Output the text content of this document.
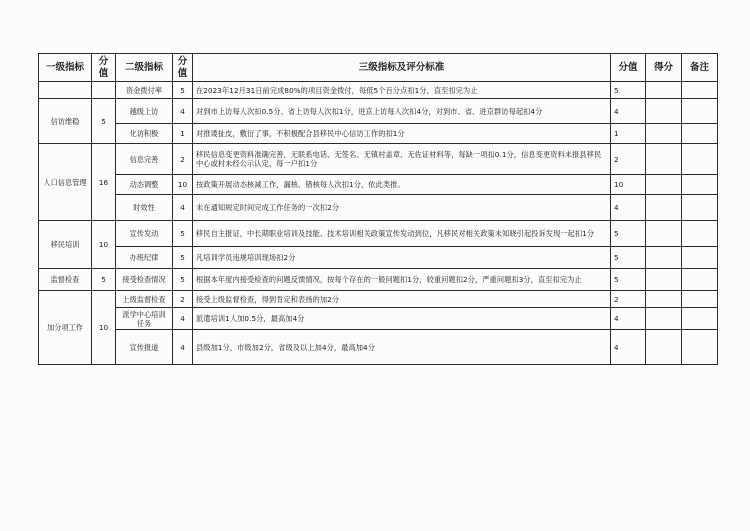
一级指标	分值	二级指标	分值	三级指标及评分标准	分值	得分	备注
		资金拨付率	5	在2023年12月31日前完成80%的项目资金拨付，每低5个百分点扣1分，直至扣完为止	5		
信访维稳	5	越级上访	4	对到市上访每人次扣0.5分、省上访每人次扣1分，进京上访每人次扣4分，对到市、省、进京群访每起扣4分	4		
		化访积极	1	对推诿扯皮，敷衍了事，不积极配合县移民中心信访工作的扣1分	1		
人口信息管理	16	信息完善	2	移民信息变更资料准确完善，无联系电话、无签名、无镇村盖章、无佐证材料等，每缺一项扣0.1分，信息变更资料未报县移民中心或村未经公示认定，每一户扣1分	2		
		动态调整	10	按政策开展动态核减工作，漏核、错核每人次扣1分，依此类推。	10		
		时效性	4	未在通知规定时间完成工作任务的一次扣2分	4		
移民培训	10	宣传发动	5	移民自主报证，中长期职业培训及技能、技术培训相关政策宣传发动到位，凡移民对相关政策未知晓引起投诉发现一起扣1分	5		
		办班纪律	5	凡培训学员违规培训现场扣2分	5		
监督检查	5	接受检查情况	5	根据本年度内接受检查的问题反馈情况，按每个存在的一般问题扣1分，较重问题扣2分，严重问题扣3分，直至扣完为止	5		
加分项工作	10	上级监督检查	2	接受上级监督检查，得到肯定和表扬的加2分	2		
		派学中心培训任务	4	派遣培训1人加0.5分，最高加4分	4		
		宣传报道	4	县级加1分，市级加2分，省级及以上加4分，最高加4分	4		
